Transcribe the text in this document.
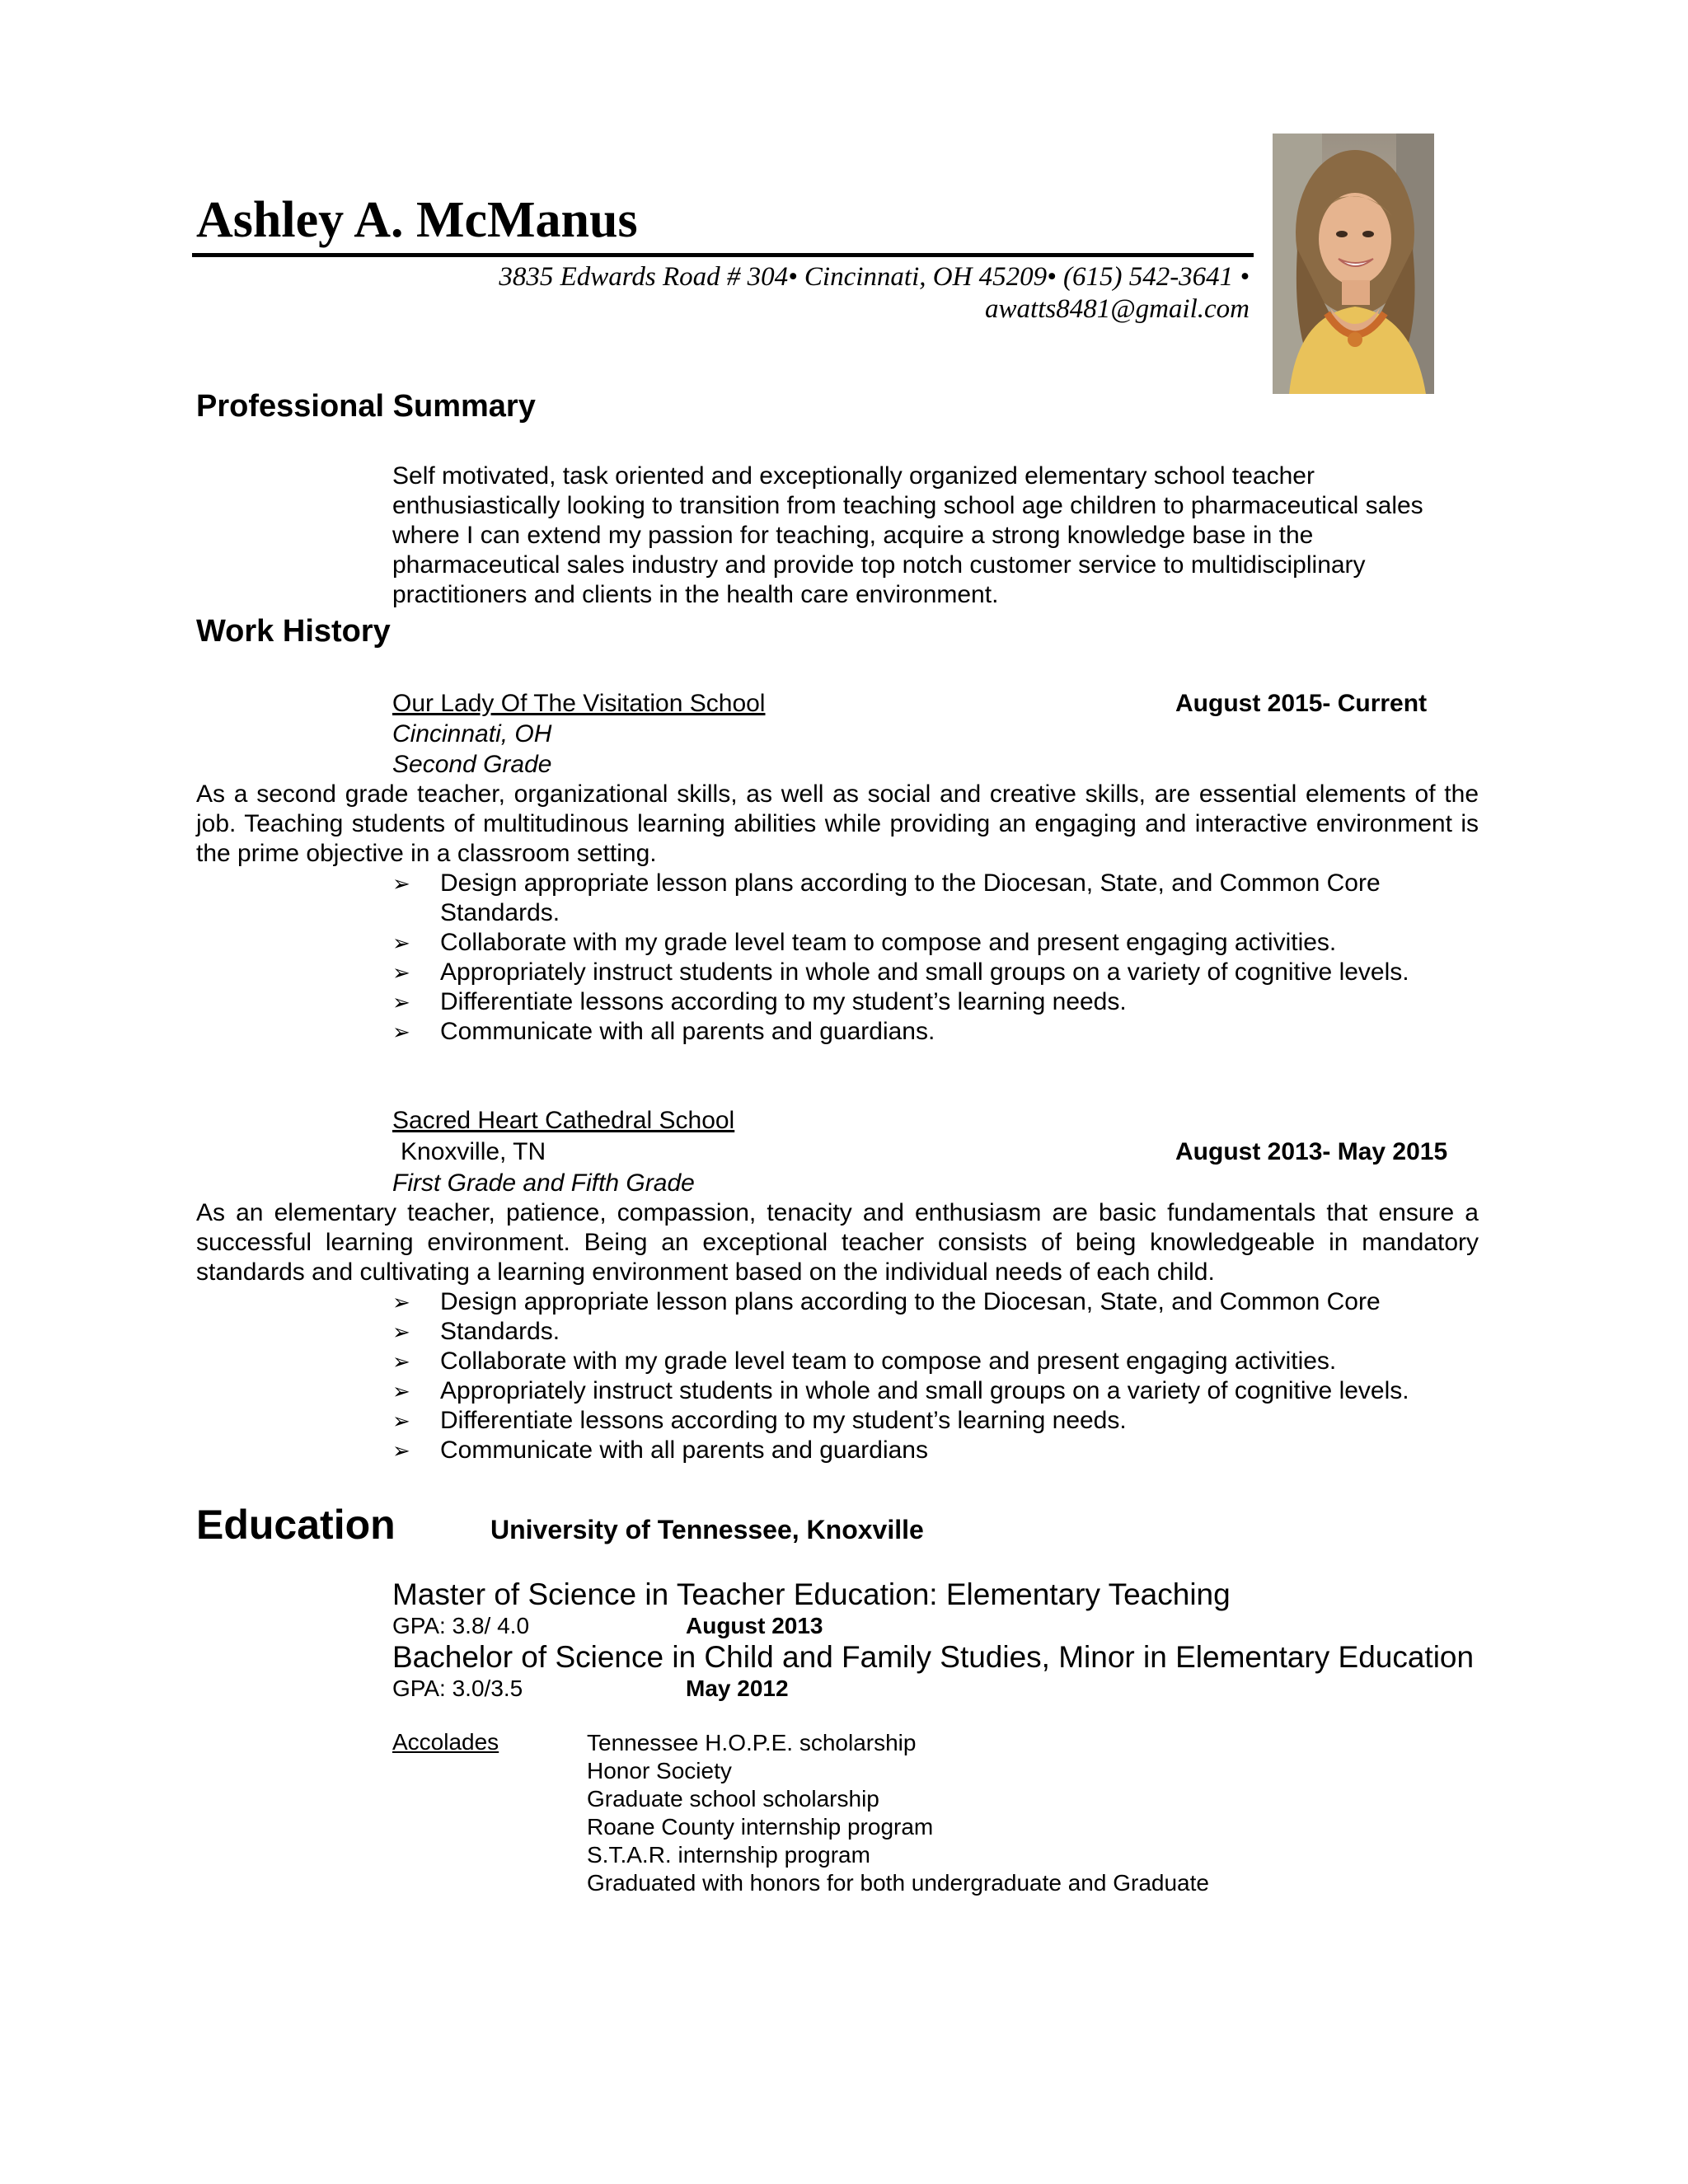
Ashley A. McManus
3835 Edwards Road # 304• Cincinnati, OH 45209• (615) 542-3641 •
awatts8481@gmail.com
Professional Summary
Self motivated, task oriented and exceptionally organized elementary school teacher enthusiastically looking to transition from teaching school age children to pharmaceutical sales where I can extend my passion for teaching, acquire a strong knowledge base in the pharmaceutical sales industry and provide top notch customer service to multidisciplinary practitioners and clients in the health care environment.
Work History
Our Lady Of The Visitation School	August 2015- Current
Cincinnati, OH
Second Grade
As a second grade teacher, organizational skills, as well as social and creative skills, are essential elements of the job. Teaching students of multitudinous learning abilities while providing an engaging and interactive environment is the prime objective in a classroom setting.
➢ Design appropriate lesson plans according to the Diocesan, State, and Common Core Standards.
➢ Collaborate with my grade level team to compose and present engaging activities.
➢ Appropriately instruct students in whole and small groups on a variety of cognitive levels.
➢ Differentiate lessons according to my student’s learning needs.
➢ Communicate with all parents and guardians.
Sacred Heart Cathedral School
Knoxville, TN	August 2013- May 2015
First Grade and Fifth Grade
As an elementary teacher, patience, compassion, tenacity and enthusiasm are basic fundamentals that ensure a successful learning environment. Being an exceptional teacher consists of being knowledgeable in mandatory standards and cultivating a learning environment based on the individual needs of each child.
➢ Design appropriate lesson plans according to the Diocesan, State, and Common Core
➢ Standards.
➢ Collaborate with my grade level team to compose and present engaging activities.
➢ Appropriately instruct students in whole and small groups on a variety of cognitive levels.
➢ Differentiate lessons according to my student’s learning needs.
➢ Communicate with all parents and guardians
Education	University of Tennessee, Knoxville
Master of Science in Teacher Education: Elementary Teaching
GPA: 3.8/ 4.0	August 2013
Bachelor of Science in Child and Family Studies, Minor in Elementary Education
GPA: 3.0/3.5	May 2012
Accolades	Tennessee H.O.P.E. scholarship
Honor Society
Graduate school scholarship
Roane County internship program
S.T.A.R. internship program
Graduated with honors for both undergraduate and Graduate
